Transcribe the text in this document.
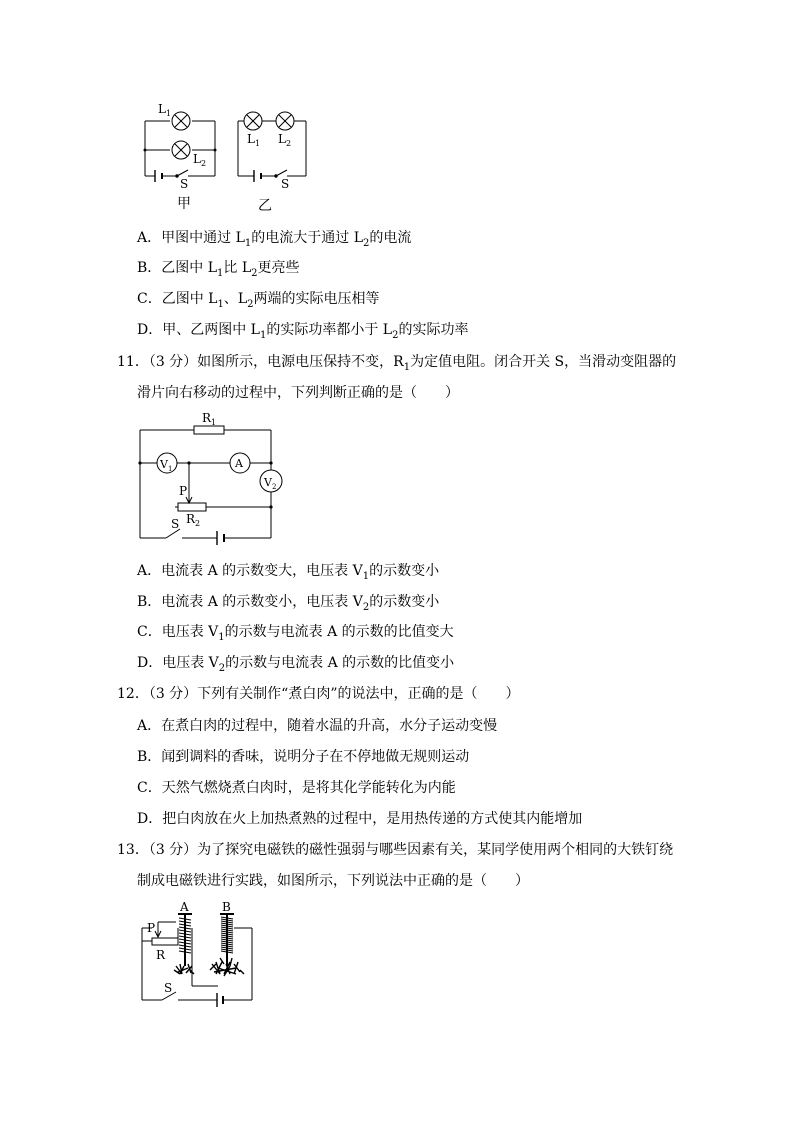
$L_1$
$L_2$
S
甲
$L_1$ $L_2$
S
乙
A．甲图中通过 $L_1$的电流大于通过 $L_2$的电流
B．乙图中 $L_1$比 $L_2$更亮些
C．乙图中 $L_1$、$L_2$两端的实际电压相等
D．甲、乙两图中 $L_1$的实际功率都小于 $L_2$的实际功率
11．（3 分）如图所示，电源电压保持不变，$R_1$为定值电阻。闭合开关 S，当滑动变阻器的
滑片向右移动的过程中，下列判断正确的是（　　）
$R_1$
$V_1$	A
$V_2$
P
$R_2$
S
A．电流表 A 的示数变大，电压表 $V_1$的示数变小
B．电流表 A 的示数变小，电压表 $V_2$的示数变小
C．电压表 $V_1$的示数与电流表 A 的示数的比值变大
D．电压表 $V_2$的示数与电流表 A 的示数的比值变小
12．（3 分）下列有关制作“煮白肉”的说法中，正确的是（　　）
A．在煮白肉的过程中，随着水温的升高，水分子运动变慢
B．闻到调料的香味，说明分子在不停地做无规则运动
C．天然气燃烧煮白肉时，是将其化学能转化为内能
D．把白肉放在火上加热煮熟的过程中，是用热传递的方式使其内能增加
13．（3 分）为了探究电磁铁的磁性强弱与哪些因素有关，某同学使用两个相同的大铁钉绕
制成电磁铁进行实践，如图所示，下列说法中正确的是（　　）
A	B
P
R
S
